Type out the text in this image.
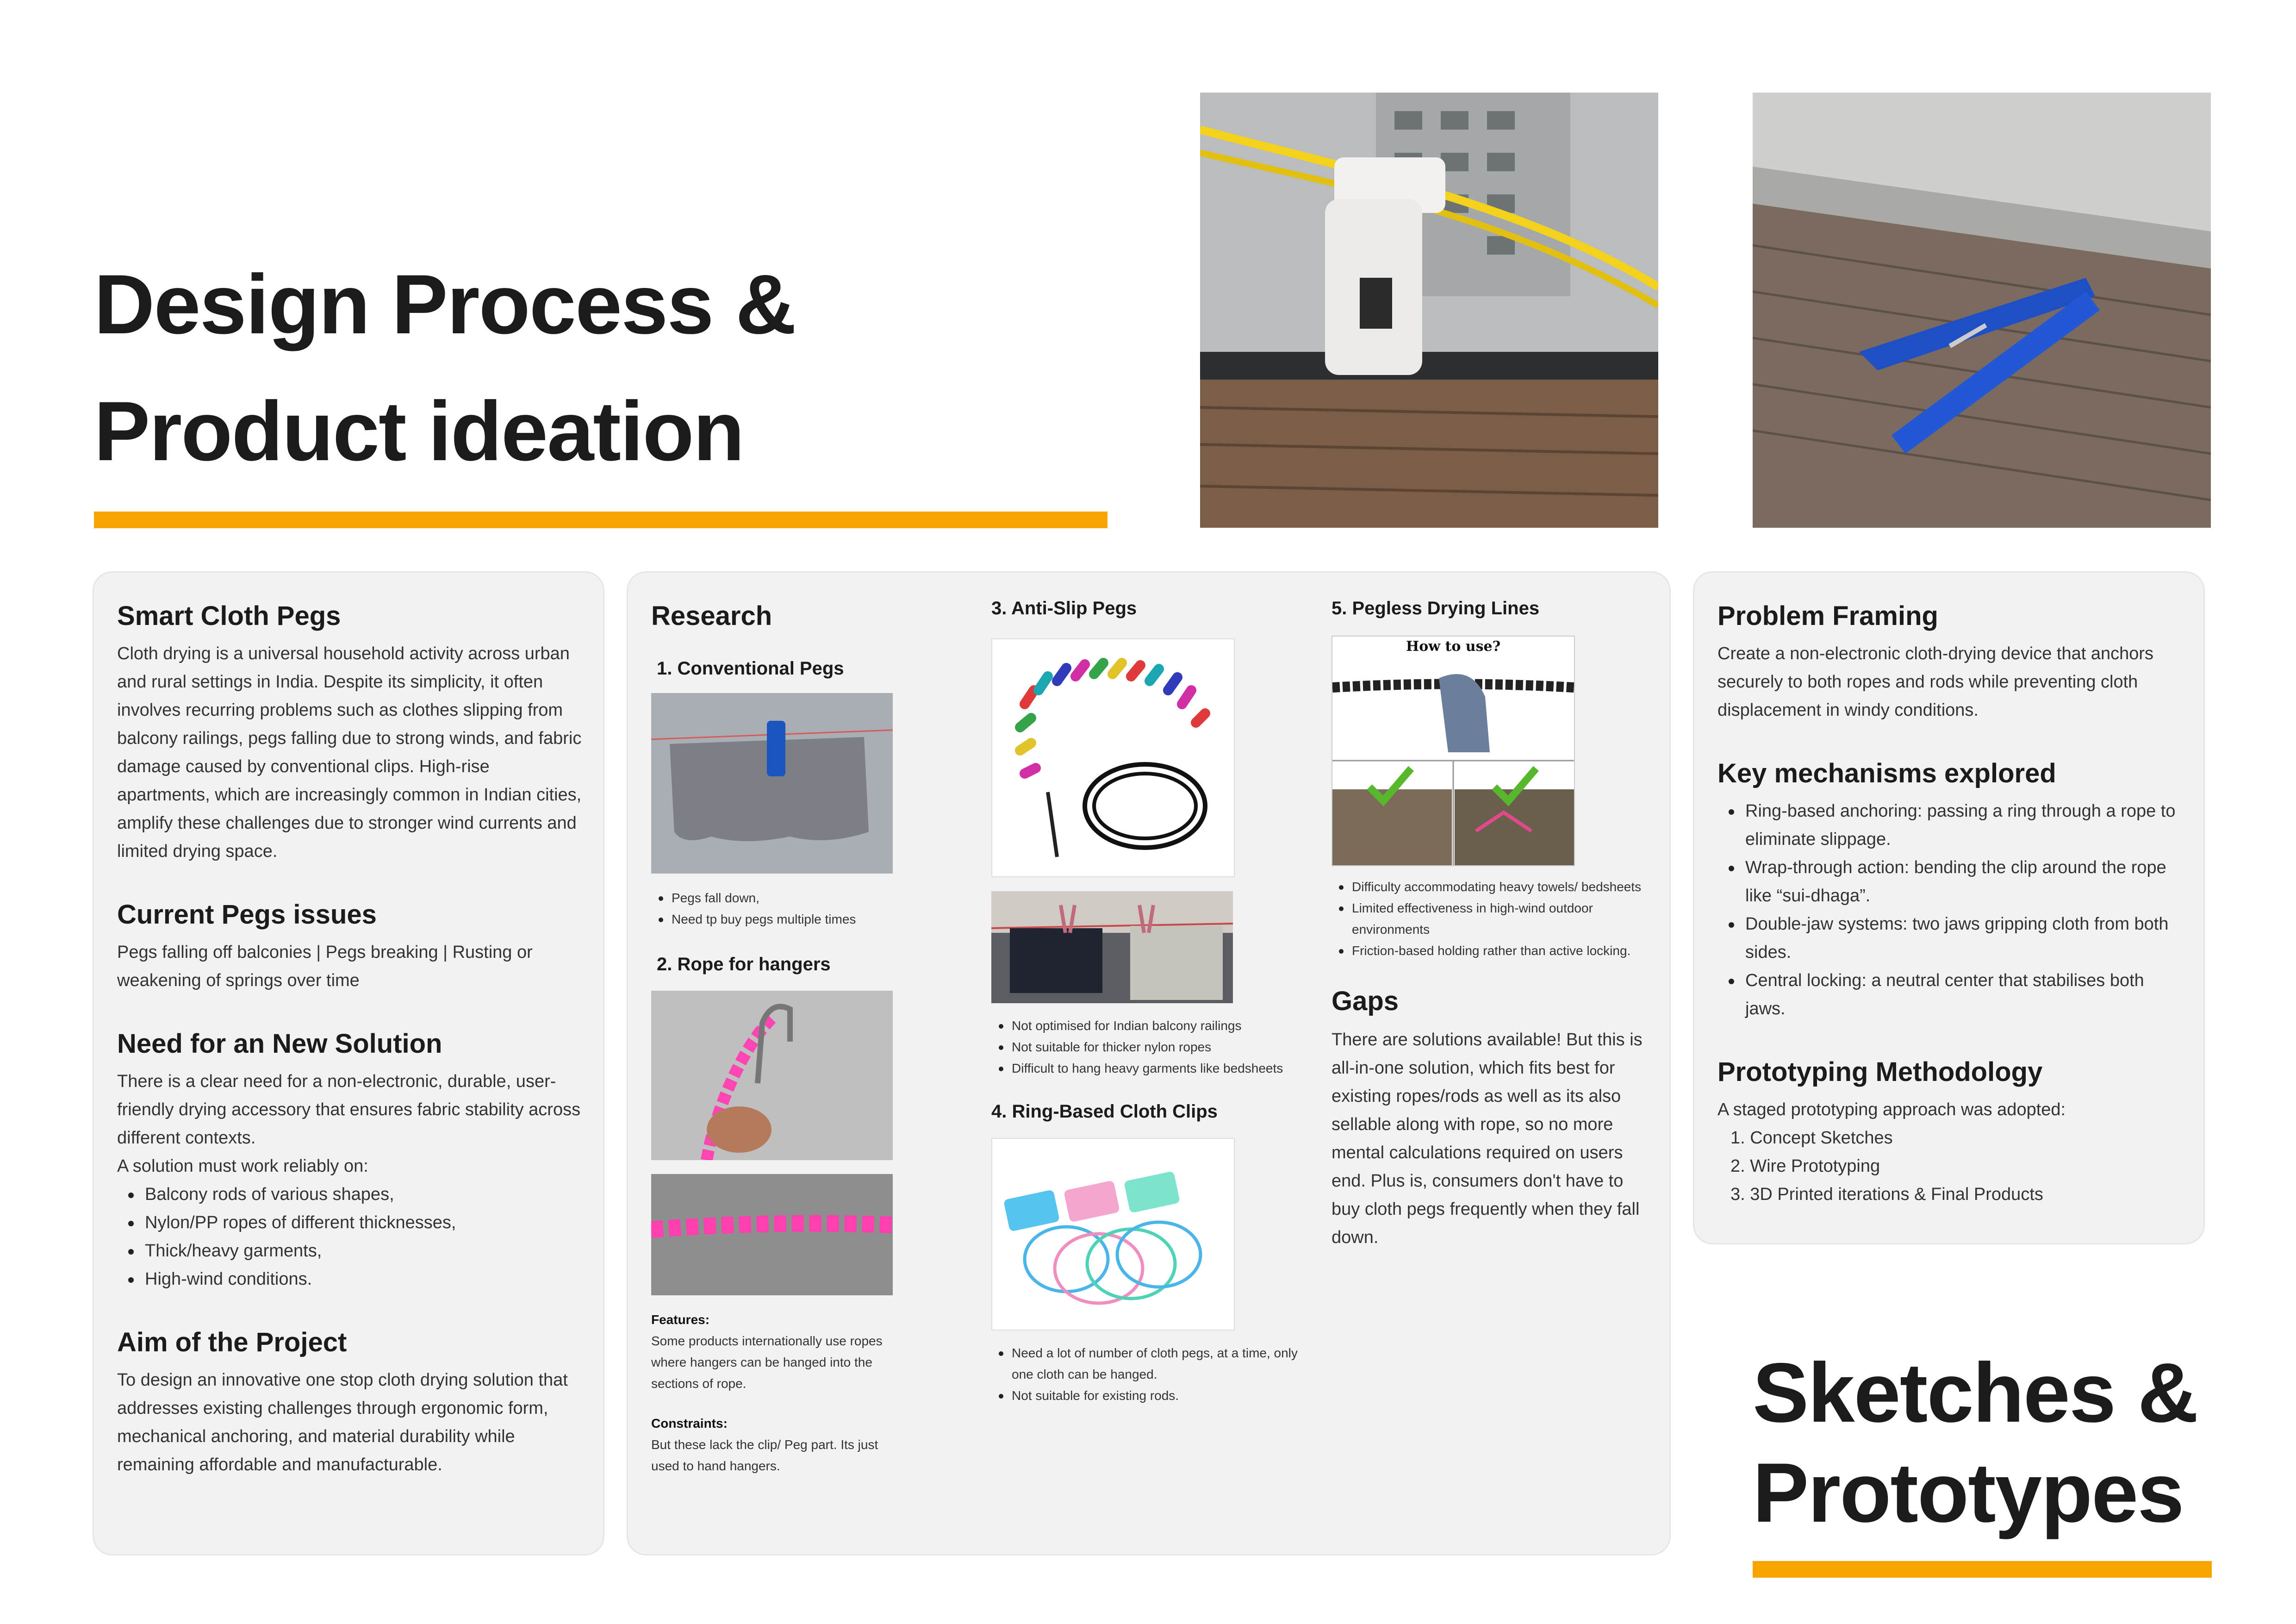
Design Process &
Product ideation
Smart Cloth Pegs

Cloth drying is a universal household activity across urban and rural settings in India. Despite its simplicity, it often involves recurring problems such as clothes slipping from balcony railings, pegs falling due to strong winds, and fabric damage caused by conventional clips. High-rise apartments, which are increasingly common in Indian cities, amplify these challenges due to stronger wind currents and limited drying space.

Current Pegs issues

Pegs falling off balconies | Pegs breaking | Rusting or weakening of springs over time

Need for an New Solution

There is a clear need for a non-electronic, durable, user-friendly drying accessory that ensures fabric stability across different contexts.

A solution must work reliably on:

Balcony rods of various shapes,
Nylon/PP ropes of different thicknesses,
Thick/heavy garments,
High-wind conditions.
Aim of the Project

To design an innovative one stop cloth drying solution that addresses existing challenges through ergonomic form, mechanical anchoring, and material durability while remaining affordable and manufacturable.

Research
1. Conventional Pegs
Pegs fall down,
Need tp buy pegs multiple times
2. Rope for hangers

Features:

Some products internationally use ropes where hangers can be hanged into the sections of rope.

Constraints:

But these lack the clip/ Peg part. Its just used to hand hangers.

3. Anti-Slip Pegs
Not optimised for Indian balcony railings
Not suitable for thicker nylon ropes
Difficult to hang heavy garments like bedsheets
4. Ring-Based Cloth Clips
Need a lot of number of cloth pegs, at a time, only one cloth can be hanged.
Not suitable for existing rods.
5. Pegless Drying Lines
How to use?
Difficulty accommodating heavy towels/ bedsheets
Limited effectiveness in high-wind outdoor environments
Friction-based holding rather than active locking.
Gaps

There are solutions available! But this is all-in-one solution, which fits best for existing ropes/rods as well as its also sellable along with rope, so no more mental calculations required on users end. Plus is, consumers don't have to buy cloth pegs frequently when they fall down.

Problem Framing

Create a non-electronic cloth-drying device that anchors securely to both ropes and rods while preventing cloth displacement in windy conditions.

Key mechanisms explored
Ring-based anchoring: passing a ring through a rope to eliminate slippage.
Wrap-through action: bending the clip around the rope like “sui-dhaga”.
Double-jaw systems: two jaws gripping cloth from both sides.
Central locking: a neutral center that stabilises both jaws.
Prototyping Methodology

A staged prototyping approach was adopted:

1. Concept Sketches
2. Wire Prototyping
3. 3D Printed iterations & Final Products
Sketches &
Prototypes
